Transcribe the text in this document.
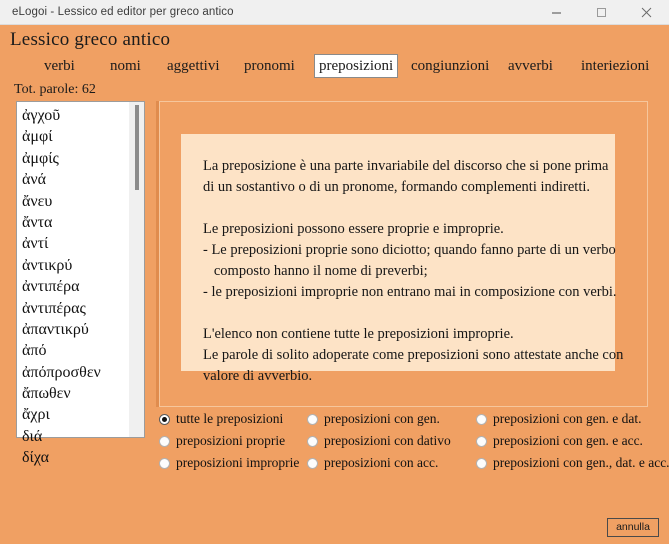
eLogoi - Lessico ed editor per greco antico
Lessico greco antico
verbi nomi aggettivi pronomi	preposizioni	congiunzioni avverbi interiezioni
Tot. parole: 62
ἀγχοῦ
ἀμφί
ἀμφίς
ἀνά
ἄνευ
ἄντα
ἀντί
ἀντικρύ
ἀντιπέρα
ἀντιπέρας
ἀπαντικρύ
ἀπό
ἀπόπροσθεν
ἄπωθεν
ἄχρι
διά
δίχα
La preposizione è una parte invariabile del discorso che si pone prima
di un sostantivo o di un pronome, formando complementi indiretti.
Le preposizioni possono essere proprie e improprie.
- Le preposizioni proprie sono diciotto; quando fanno parte di un verbo
composto hanno il nome di preverbi;
- le preposizioni improprie non entrano mai in composizione con verbi.
L'elenco non contiene tutte le preposizioni improprie.
Le parole di solito adoperate come preposizioni sono attestate anche con
valore di avverbio.
tutte le preposizioni
preposizioni proprie
preposizioni improprie
preposizioni con gen.
preposizioni con dativo
preposizioni con acc.
preposizioni con gen. e dat.
preposizioni con gen. e acc.
preposizioni con gen., dat. e acc.
annulla
